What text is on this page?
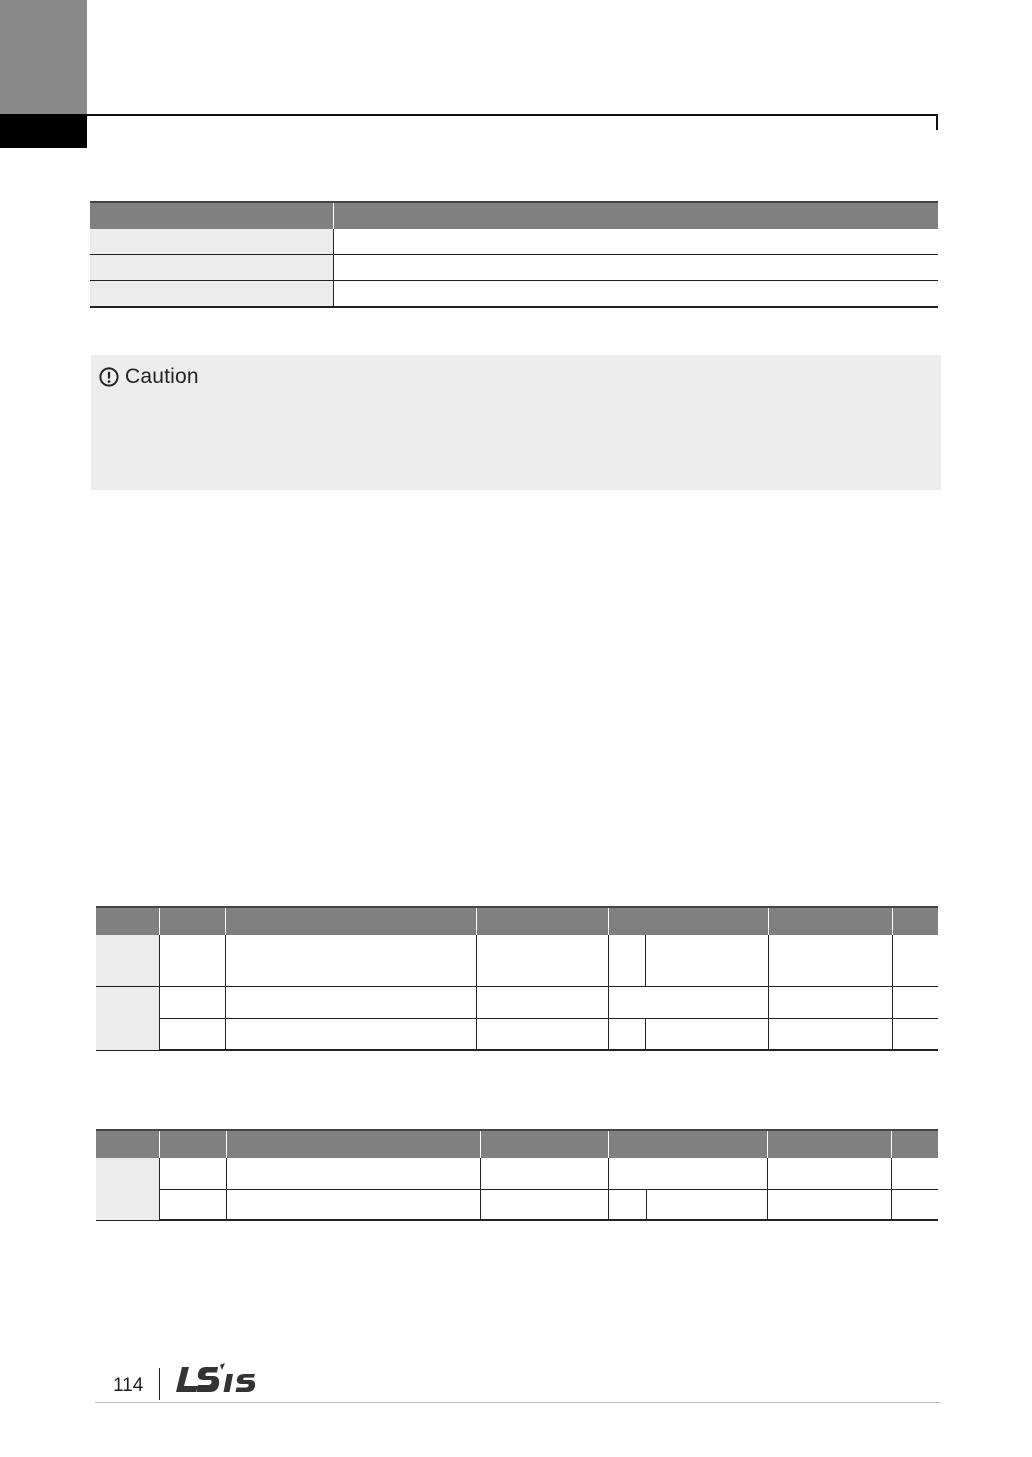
Caution

114
